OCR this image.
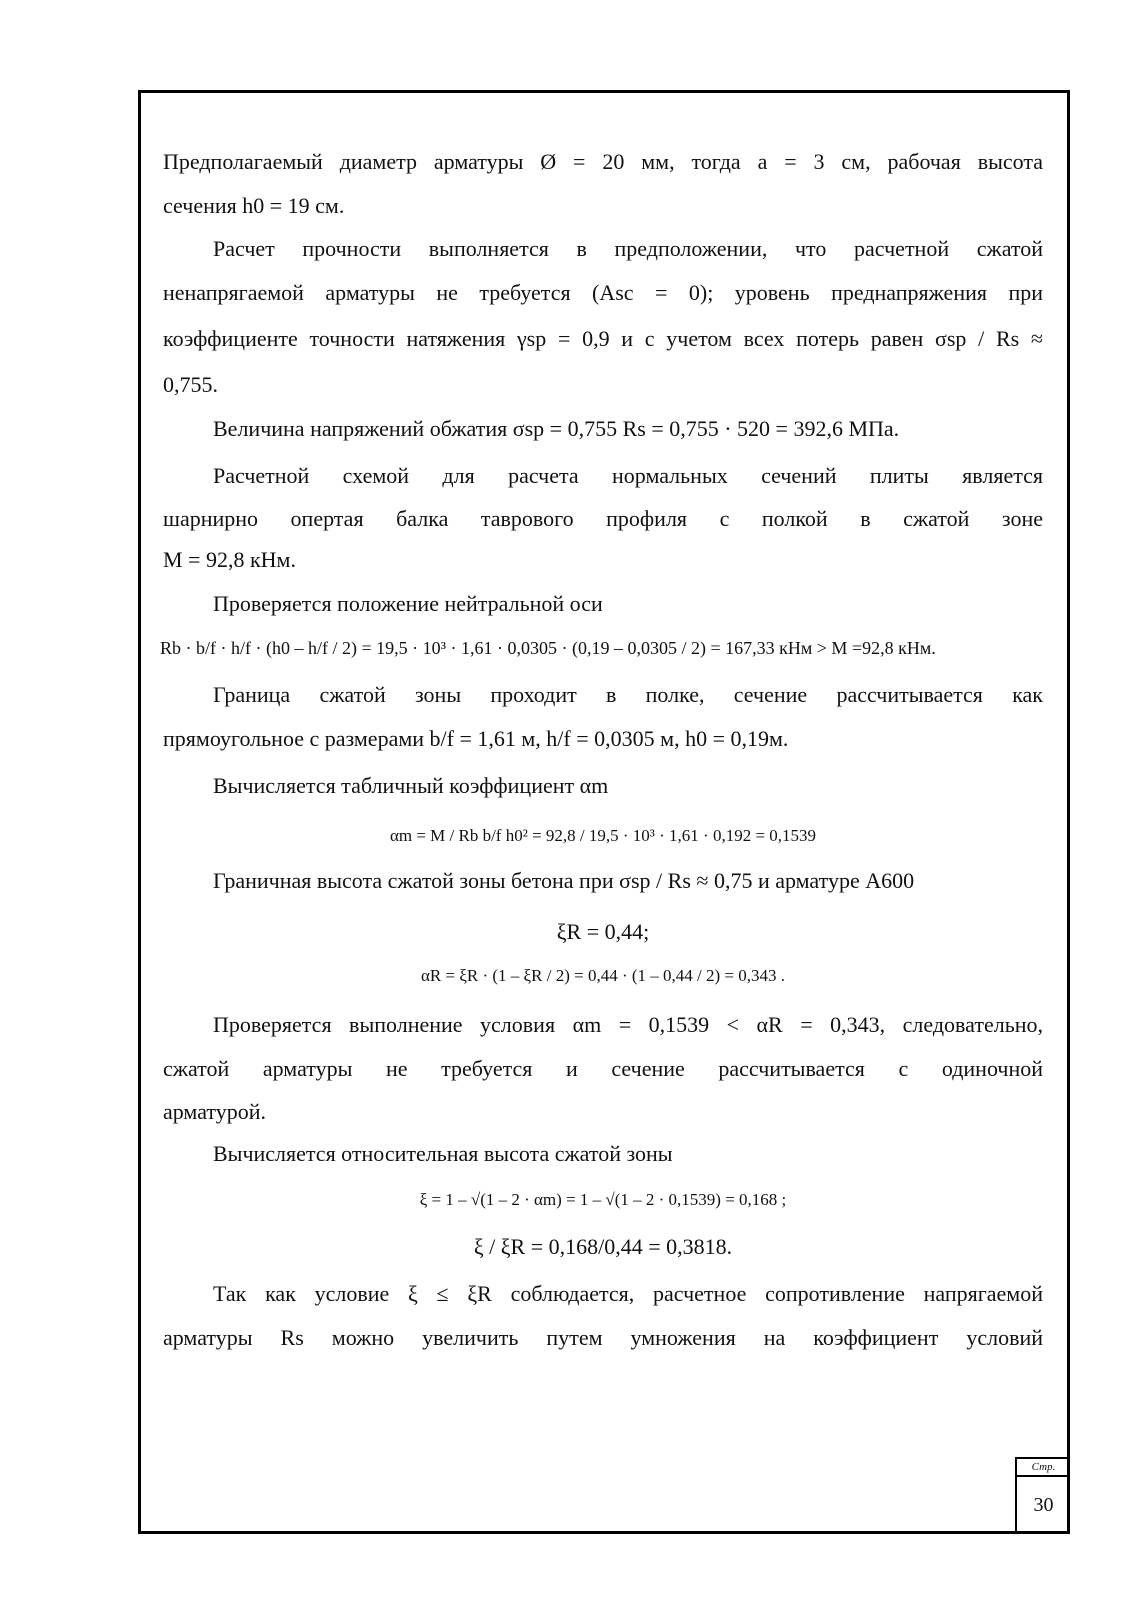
Предполагаемый диаметр арматуры Ø = 20 мм, тогда a = 3 см, рабочая высота
сечения h0 = 19 см.
Расчет прочности выполняется в предположении, что расчетной сжатой
ненапрягаемой арматуры не требуется (Asc = 0); уровень преднапряжения при
коэффициенте точности натяжения γsp = 0,9 и с учетом всех потерь равен σsp / Rs ≈
0,755.
Величина напряжений обжатия σsp = 0,755 Rs = 0,755 · 520 = 392,6 МПа.
Расчетной схемой для расчета нормальных сечений плиты является
шарнирно опертая балка таврового профиля с полкой в сжатой зоне
M = 92,8 кНм.
Проверяется положение нейтральной оси
Rb · b/f · h/f · (h0 – h/f / 2) = 19,5 · 10³ · 1,61 · 0,0305 · (0,19 – 0,0305 / 2) = 167,33 кНм > M =92,8 кНм.
Граница сжатой зоны проходит в полке, сечение рассчитывается как
прямоугольное с размерами b/f = 1,61 м, h/f = 0,0305 м, h0 = 0,19м.
Вычисляется табличный коэффициент αm
αm = M / Rb b/f h0² = 92,8 / 19,5 · 10³ · 1,61 · 0,192 = 0,1539
Граничная высота сжатой зоны бетона при σsp / Rs ≈ 0,75 и арматуре А600
ξR = 0,44;
αR = ξR · (1 – ξR / 2) = 0,44 · (1 – 0,44 / 2) = 0,343 .
Проверяется выполнение условия αm = 0,1539 < αR = 0,343, следовательно,
сжатой арматуры не требуется и сечение рассчитывается с одиночной
арматурой.
Вычисляется относительная высота сжатой зоны
ξ = 1 – √(1 – 2 · αm) = 1 – √(1 – 2 · 0,1539) = 0,168 ;
ξ / ξR = 0,168/0,44 = 0,3818.
Так как условие ξ ≤ ξR соблюдается, расчетное сопротивление напрягаемой
арматуры Rs можно увеличить путем умножения на коэффициент условий
Стр.
30
